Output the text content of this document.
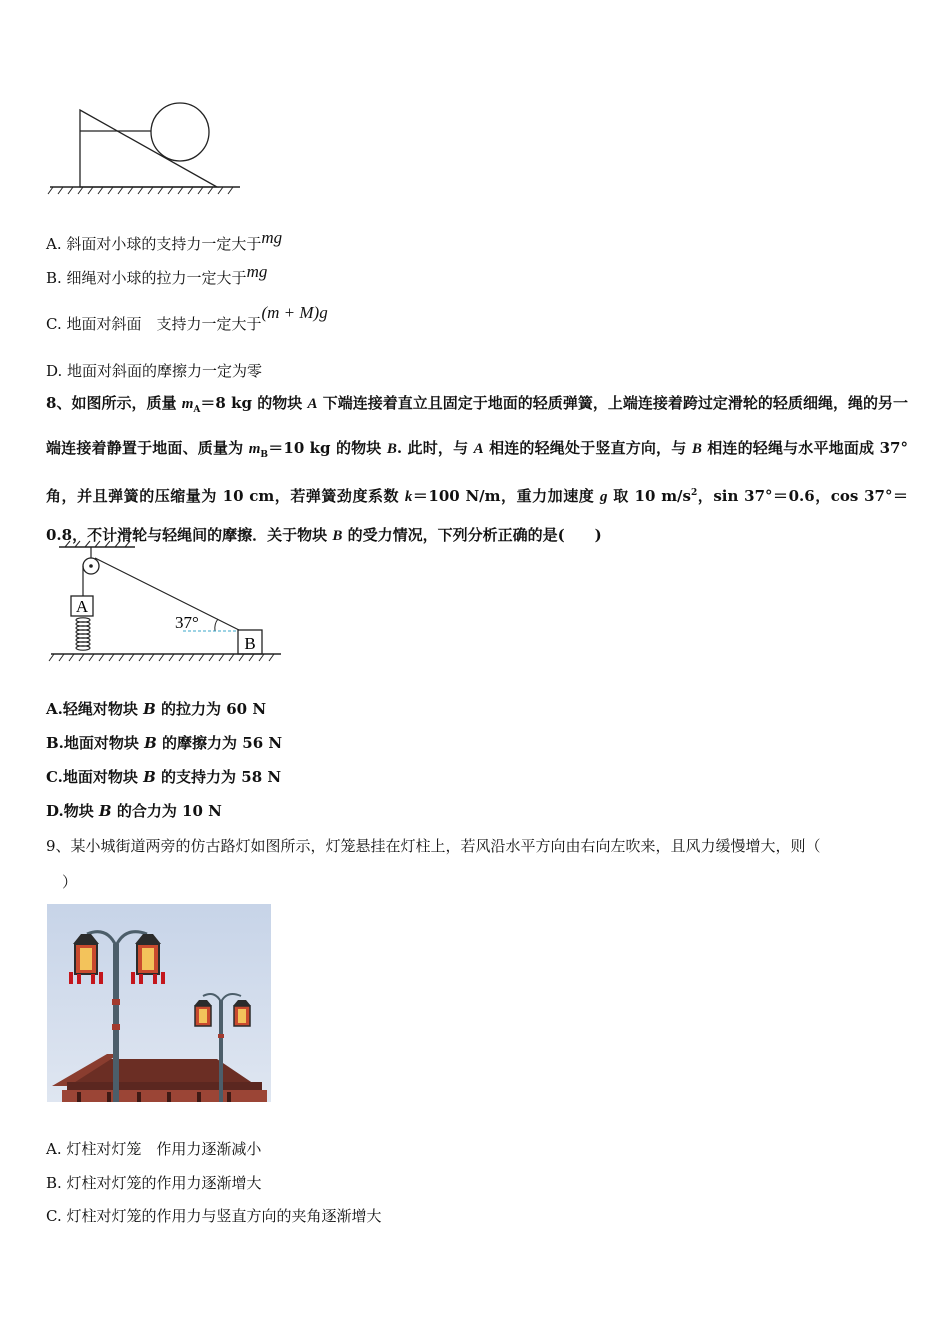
A. 斜面对小球的支持力一定大于mg
B. 细绳对小球的拉力一定大于mg
C. 地面对斜面　支持力一定大于(m + M)g
D. 地面对斜面的摩擦力一定为零
8、如图所示，质量 $m_A=8$ kg 的物块 A 下端连接着直立且固定于地面的轻质弹簧，上端连接着跨过定滑轮的轻质细绳，绳的另一端连接着静置于地面、质量为 $m_B=10$ kg 的物块 B. 此时，与 A 相连的轻绳处于竖直方向，与 B 相连的轻绳与水平地面成 37°角，并且弹簧的压缩量为 10 cm，若弹簧劲度系数 k＝100 N/m，重力加速度 g 取 10 $m/s^2$，sin 37°＝0.6，cos 37°＝0.8，不计滑轮与轻绳间的摩擦．关于物块 B 的受力情况，下列分析正确的是(　　)
A
37°
B
A.轻绳对物块 B 的拉力为 60 N
B.地面对物块 B 的摩擦力为 56 N
C.地面对物块 B 的支持力为 58 N
D.物块 B 的合力为 10 N
9、某小城街道两旁的仿古路灯如图所示，灯笼悬挂在灯柱上，若风沿水平方向由右向左吹来，且风力缓慢增大，则（
）
A. 灯柱对灯笼　作用力逐渐减小
B. 灯柱对灯笼的作用力逐渐增大
C. 灯柱对灯笼的作用力与竖直方向的夹角逐渐增大
